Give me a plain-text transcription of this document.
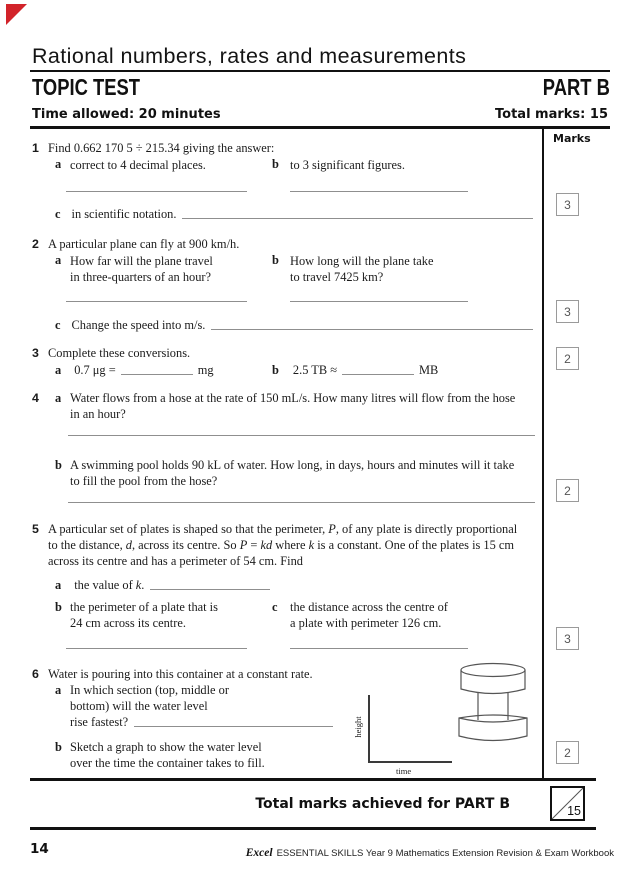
Rational numbers, rates and measurements
TOPIC TEST	PART B
Time allowed: 20 minutes	Total marks: 15
Marks
1 Find 0.662 170 5 ÷ 215.34 giving the answer:
a correct to 4 decimal places.	b to 3 significant figures.
c in scientific notation.
3
2 A particular plane can fly at 900 km/h.
a How far will the plane travel
in three-quarters of an hour?
b How long will the plane take
to travel 7425 km?
c Change the speed into m/s.
3
3 Complete these conversions.
a 0.7 μg =	mg	b 2.5 TB ≈	MB
2
4 a Water flows from a hose at the rate of 150 mL/s. How many litres will flow from the hose
in an hour?
b A swimming pool holds 90 kL of water. How long, in days, hours and minutes will it take
to fill the pool from the hose?
2
5 A particular set of plates is shaped so that the perimeter, P, of any plate is directly proportional
to the distance, d, across its centre. So P = kd where k is a constant. One of the plates is 15 cm
across its centre and has a perimeter of 54 cm. Find
a the value of k.
b the perimeter of a plate that is
24 cm across its centre.
c the distance across the centre of
a plate with perimeter 126 cm.
3
6 Water is pouring into this container at a constant rate.
a In which section (top, middle or
bottom) will the water level
rise fastest?
b Sketch a graph to show the water level
over the time the container takes to fill.
height
time
2
Total marks achieved for PART B	15
14	Excel ESSENTIAL SKILLS Year 9 Mathematics Extension Revision & Exam Workbook
